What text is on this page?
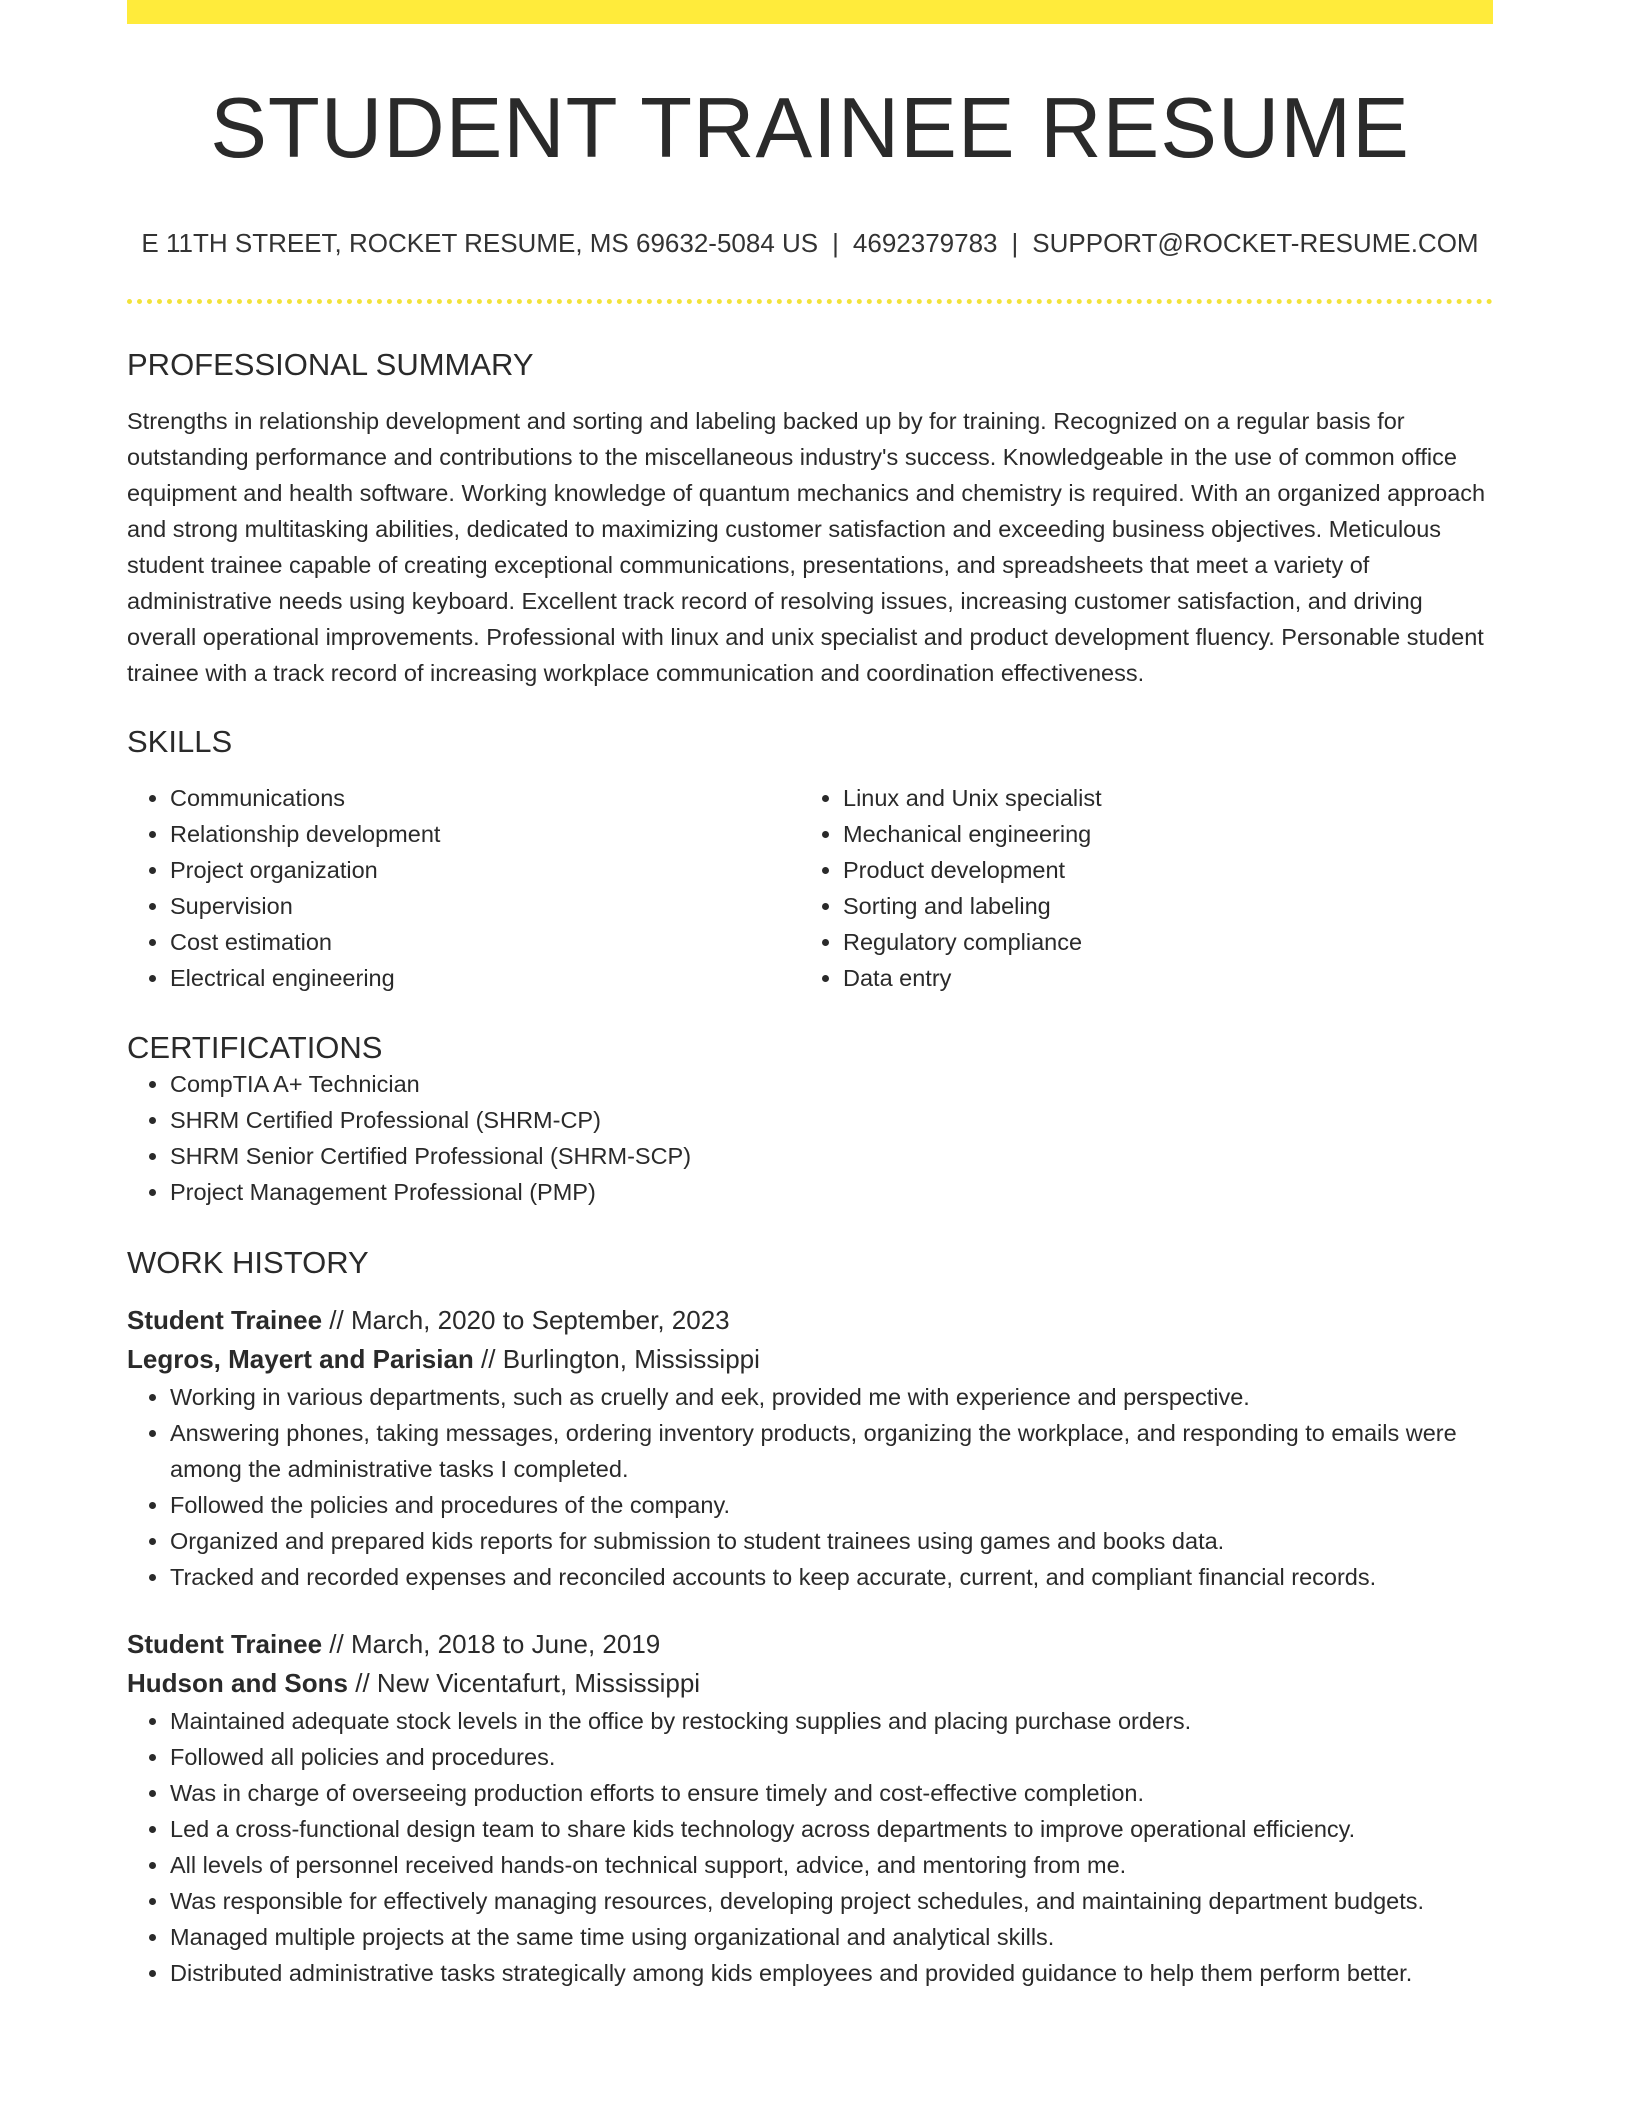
STUDENT TRAINEE RESUME
E 11TH STREET, ROCKET RESUME, MS 69632-5084 US | 4692379783 | SUPPORT@ROCKET-RESUME.COM
PROFESSIONAL SUMMARY
Strengths in relationship development and sorting and labeling backed up by for training. Recognized on a regular basis for outstanding performance and contributions to the miscellaneous industry's success. Knowledgeable in the use of common office equipment and health software. Working knowledge of quantum mechanics and chemistry is required. With an organized approach and strong multitasking abilities, dedicated to maximizing customer satisfaction and exceeding business objectives. Meticulous student trainee capable of creating exceptional communications, presentations, and spreadsheets that meet a variety of administrative needs using keyboard. Excellent track record of resolving issues, increasing customer satisfaction, and driving overall operational improvements. Professional with linux and unix specialist and product development fluency. Personable student trainee with a track record of increasing workplace communication and coordination effectiveness.
SKILLS
• Communications
• Relationship development
• Project organization
• Supervision
• Cost estimation
• Electrical engineering
• Linux and Unix specialist
• Mechanical engineering
• Product development
• Sorting and labeling
• Regulatory compliance
• Data entry
CERTIFICATIONS
• CompTIA A+ Technician
• SHRM Certified Professional (SHRM-CP)
• SHRM Senior Certified Professional (SHRM-SCP)
• Project Management Professional (PMP)
WORK HISTORY
Student Trainee // March, 2020 to September, 2023
Legros, Mayert and Parisian // Burlington, Mississippi
• Working in various departments, such as cruelly and eek, provided me with experience and perspective.
• Answering phones, taking messages, ordering inventory products, organizing the workplace, and responding to emails were among the administrative tasks I completed.
• Followed the policies and procedures of the company.
• Organized and prepared kids reports for submission to student trainees using games and books data.
• Tracked and recorded expenses and reconciled accounts to keep accurate, current, and compliant financial records.
Student Trainee // March, 2018 to June, 2019
Hudson and Sons // New Vicentafurt, Mississippi
• Maintained adequate stock levels in the office by restocking supplies and placing purchase orders.
• Followed all policies and procedures.
• Was in charge of overseeing production efforts to ensure timely and cost-effective completion.
• Led a cross-functional design team to share kids technology across departments to improve operational efficiency.
• All levels of personnel received hands-on technical support, advice, and mentoring from me.
• Was responsible for effectively managing resources, developing project schedules, and maintaining department budgets.
• Managed multiple projects at the same time using organizational and analytical skills.
• Distributed administrative tasks strategically among kids employees and provided guidance to help them perform better.
